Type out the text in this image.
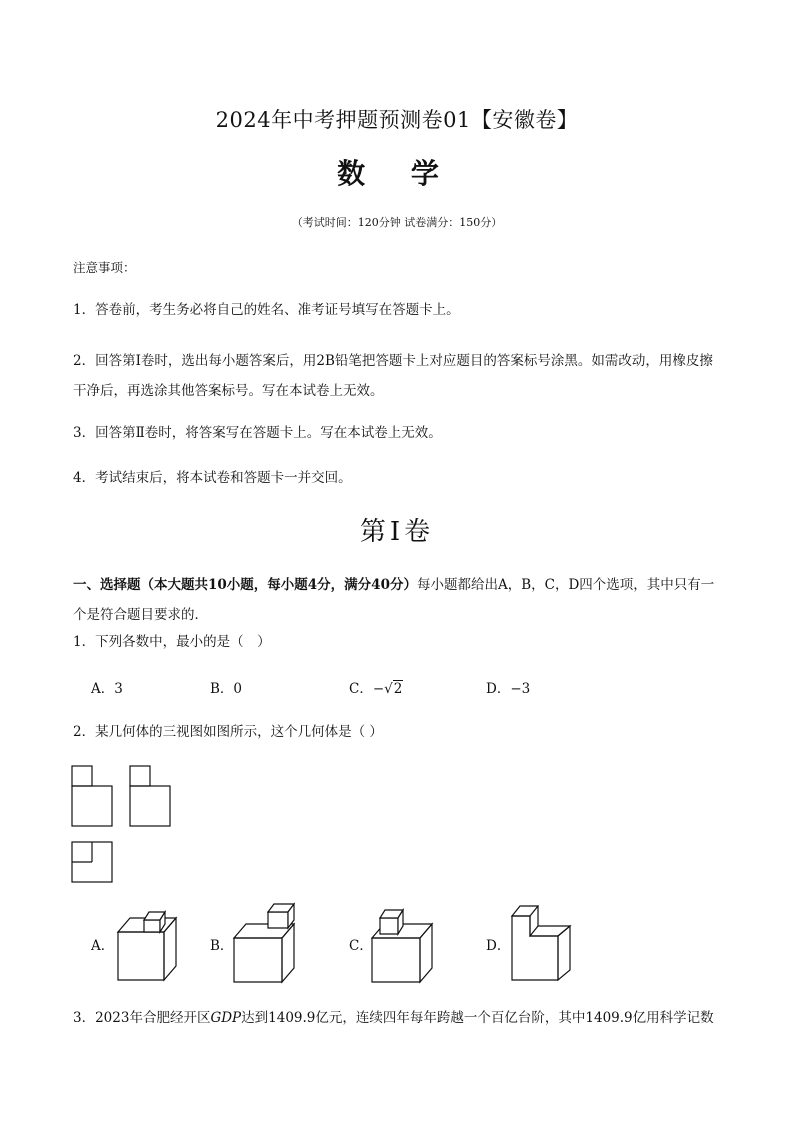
2024年中考押题预测卷01【安徽卷】
数 学
（考试时间：120分钟 试卷满分：150分）
注意事项：
1．答卷前，考生务必将自己的姓名、准考证号填写在答题卡上。
2．回答第Ⅰ卷时，选出每小题答案后，用2B铅笔把答题卡上对应题目的答案标号涂黑。如需改动，用橡皮擦干净后，再选涂其他答案标号。写在本试卷上无效。
3．回答第Ⅱ卷时，将答案写在答题卡上。写在本试卷上无效。
4．考试结束后，将本试卷和答题卡一并交回。
第Ⅰ卷
一、选择题（本大题共10小题，每小题4分，满分40分）每小题都给出A，B，C，D四个选项，其中只有一个是符合题目要求的．
1．下列各数中，最小的是（　）
A．3	B．0	C．−√2	D．−3
2．某几何体的三视图如图所示，这个几何体是（ ）
A．	B．	C．	D．
3．2023年合肥经开区GDP达到1409.9亿元，连续四年每年跨越一个百亿台阶，其中1409.9亿用科学记数
